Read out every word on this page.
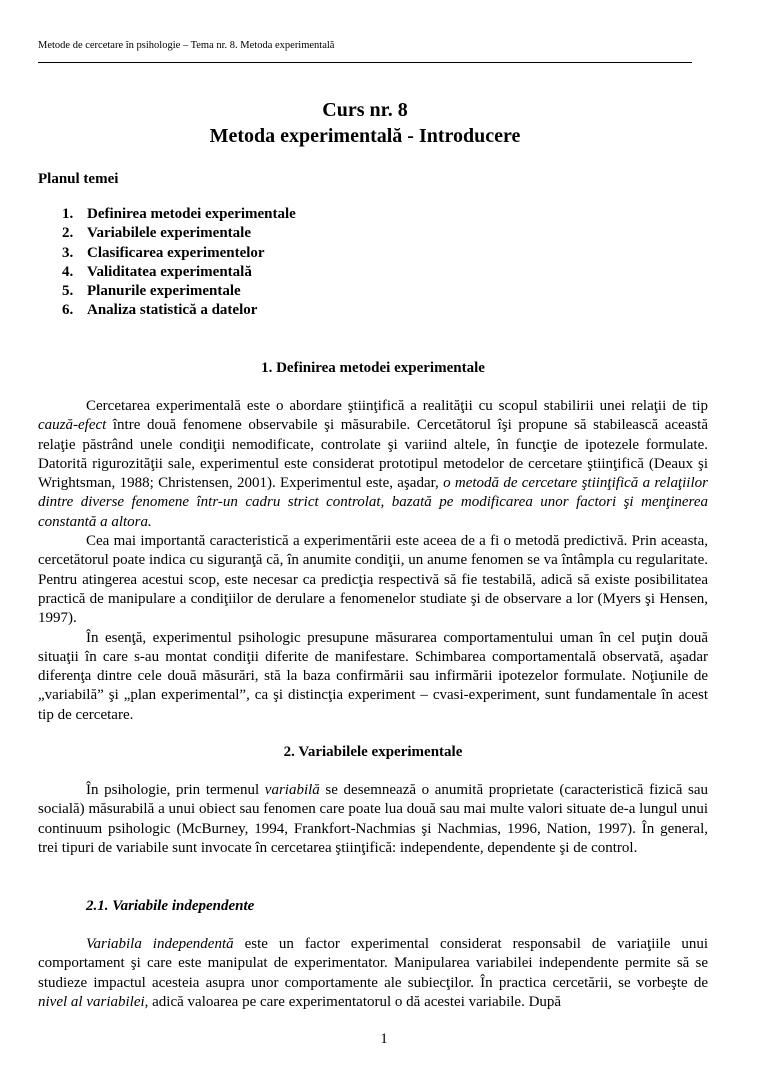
Metode de cercetare în psihologie – Tema nr. 8. Metoda experimentală
Curs nr. 8
Metoda experimentală - Introducere
Planul temei
1. Definirea metodei experimentale
2. Variabilele experimentale
3. Clasificarea experimentelor
4. Validitatea experimentală
5. Planurile experimentale
6. Analiza statistică a datelor
1. Definirea metodei experimentale

Cercetarea experimentală este o abordare ştiinţifică a realităţii cu scopul stabilirii unei relaţii de tip cauză-efect între două fenomene observabile şi măsurabile. Cercetătorul îşi propune să stabilească această relaţie păstrând unele condiţii nemodificate, controlate şi variind altele, în funcţie de ipotezele formulate. Datorită rigurozităţii sale, experimentul este considerat prototipul metodelor de cercetare ştiinţifică (Deaux şi Wrightsman, 1988; Christensen, 2001). Experimentul este, aşadar, o metodă de cercetare ştiinţifică a relaţiilor dintre diverse fenomene într-un cadru strict controlat, bazată pe modificarea unor factori şi menţinerea constantă a altora.

Cea mai importantă caracteristică a experimentării este aceea de a fi o metodă predictivă. Prin aceasta, cercetătorul poate indica cu siguranţă că, în anumite condiţii, un anume fenomen se va întâmpla cu regularitate. Pentru atingerea acestui scop, este necesar ca predicţia respectivă să fie testabilă, adică să existe posibilitatea practică de manipulare a condiţiilor de derulare a fenomenelor studiate şi de observare a lor (Myers şi Hensen, 1997).

În esenţă, experimentul psihologic presupune măsurarea comportamentului uman în cel puţin două situaţii în care s-au montat condiţii diferite de manifestare. Schimbarea comportamentală observată, aşadar diferenţa dintre cele două măsurări, stă la baza confirmării sau infirmării ipotezelor formulate. Noţiunile de „variabilă” şi „plan experimental”, ca şi distincţia experiment – cvasi-experiment, sunt fundamentale în acest tip de cercetare.

2. Variabilele experimentale

În psihologie, prin termenul variabilă se desemnează o anumită proprietate (caracteristică fizică sau socială) măsurabilă a unui obiect sau fenomen care poate lua două sau mai multe valori situate de-a lungul unui continuum psihologic (McBurney, 1994, Frankfort-Nachmias şi Nachmias, 1996, Nation, 1997). În general, trei tipuri de variabile sunt invocate în cercetarea ştiinţifică: independente, dependente şi de control.

2.1. Variabile independente

Variabila independentă este un factor experimental considerat responsabil de variaţiile unui comportament şi care este manipulat de experimentator. Manipularea variabilei independente permite să se studieze impactul acesteia asupra unor comportamente ale subiecţilor. În practica cercetării, se vorbeşte de nivel al variabilei, adică valoarea pe care experimentatorul o dă acestei variabile. După

1
